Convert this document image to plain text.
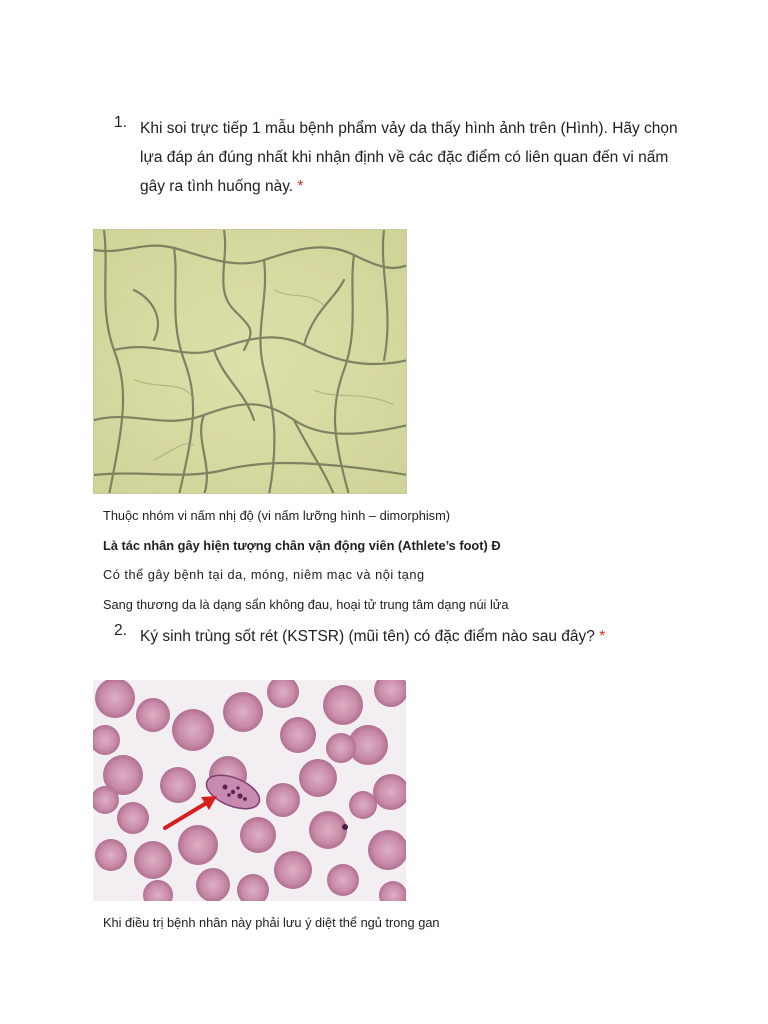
1. Khi soi trực tiếp 1 mẫu bệnh phẩm vảy da thấy hình ảnh trên (Hình). Hãy chọn lựa đáp án đúng nhất khi nhận định về các đặc điểm có liên quan đến vi nấm gây ra tình huống này. *
Thuộc nhóm vi nấm nhị độ (vi nấm lưỡng hình – dimorphism)
Là tác nhân gây hiện tượng chân vận động viên (Athlete’s foot) Đ
Có thể gây bệnh tại da, móng, niêm mạc và nội tạng
Sang thương da là dạng sẩn không đau, hoại tử trung tâm dạng núi lửa
2. Ký sinh trùng sốt rét (KSTSR) (mũi tên) có đặc điểm nào sau đây? *
Khi điều trị bệnh nhân này phải lưu ý diệt thể ngủ trong gan
